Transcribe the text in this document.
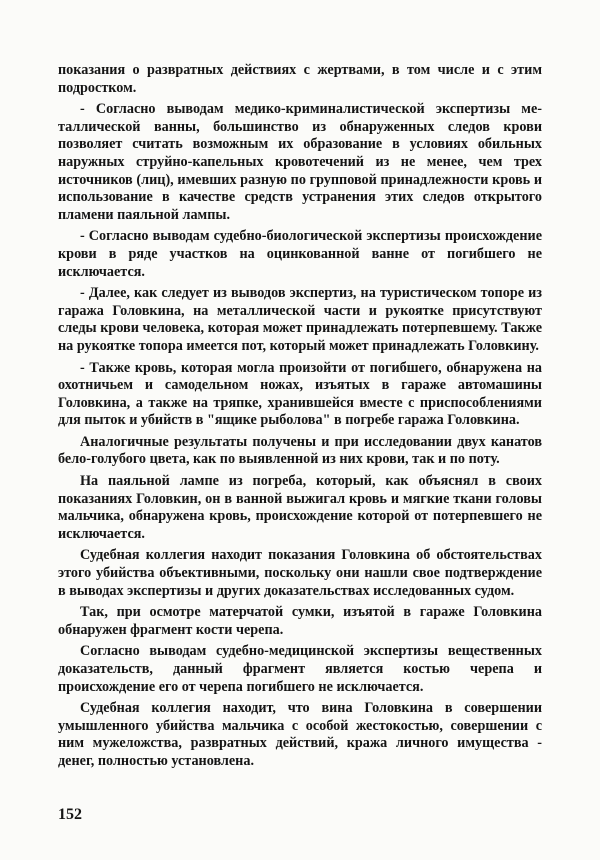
показания о развратных действиях с жертвами, в том числе и с этим подростком.

- Согласно выводам медико-криминалистической экспертизы металлической ванны, большинство из обнаруженных следов крови позволяет считать возможным их образование в условиях обильных наружных струйно-капельных кровотечений из не менее, чем трех источников (лиц), имевших разную по групповой принадлежности кровь и использование в качестве средств устранения этих следов открытого пламени паяльной лампы.

- Согласно выводам судебно-биологической экспертизы происхождение крови в ряде участков на оцинкованной ванне от погибшего не исключается.

- Далее, как следует из выводов экспертиз, на туристическом топоре из гаража Головкина, на металлической части и рукоятке присутствуют следы крови человека, которая может принадлежать потерпевшему. Также на рукоятке топора имеется пот, который может принадлежать Головкину.

- Также кровь, которая могла произойти от погибшего, обнаружена на охотничьем и самодельном ножах, изъятых в гараже автомашины Головкина, а также на тряпке, хранившейся вместе с приспособлениями для пыток и убийств в "ящике рыболова" в погребе гаража Головкина.

Аналогичные результаты получены и при исследовании двух канатов бело-голубого цвета, как по выявленной из них крови, так и по поту.

На паяльной лампе из погреба, который, как объяснял в своих показаниях Головкин, он в ванной выжигал кровь и мягкие ткани головы мальчика, обнаружена кровь, происхождение которой от потерпевшего не исключается.

Судебная коллегия находит показания Головкина об обстоятельствах этого убийства объективными, поскольку они нашли свое подтверждение в выводах экспертизы и других доказательствах исследованных судом.

Так, при осмотре матерчатой сумки, изъятой в гараже Головкина обнаружен фрагмент кости черепа.

Согласно выводам судебно-медицинской экспертизы вещественных доказательств, данный фрагмент является костью черепа и происхождение его от черепа погибшего не исключается.

Судебная коллегия находит, что вина Головкина в совершении умышленного убийства мальчика с особой жестокостью, совершении с ним мужеложства, развратных действий, кража личного имущества - денег, полностью установлена.

152
